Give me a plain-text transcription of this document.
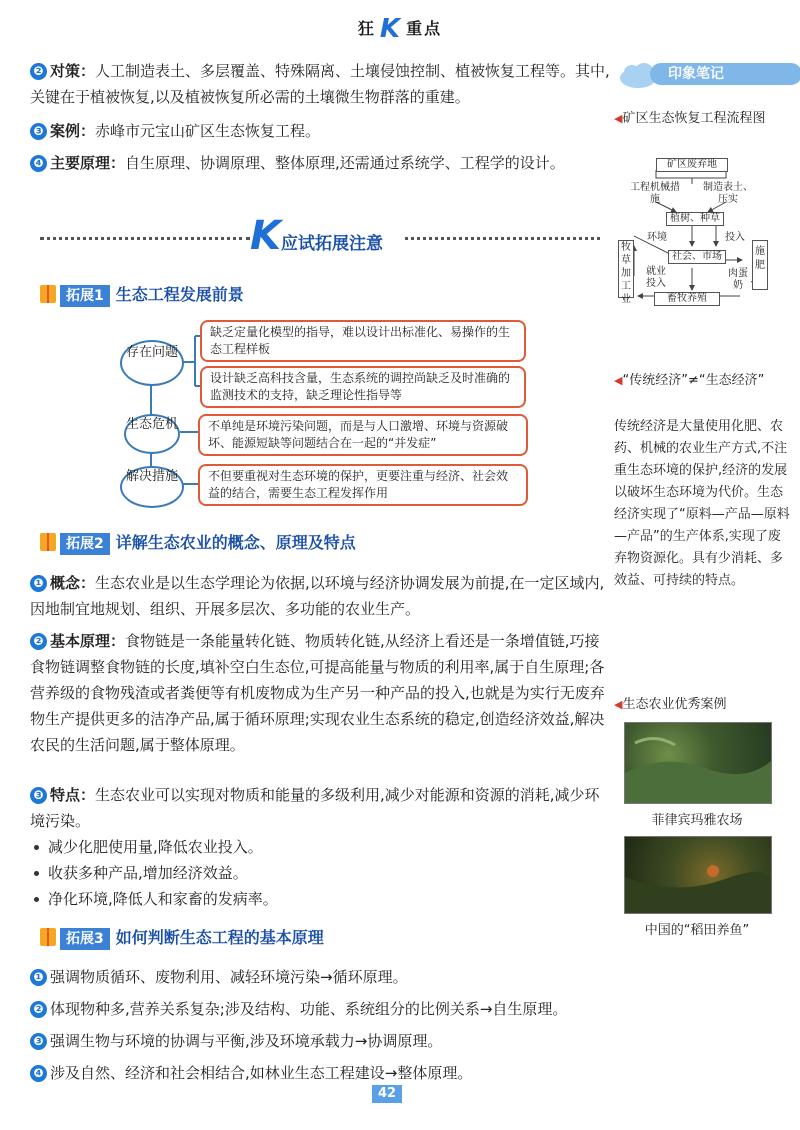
狂 K 重点
❷ 对策：人工制造表土、多层覆盖、特殊隔离、土壤侵蚀控制、植被恢复工程等。其中,关键在于植被恢复,以及植被恢复所必需的土壤微生物群落的重建。
❸ 案例：赤峰市元宝山矿区生态恢复工程。
❹ 主要原理：自生原理、协调原理、整体原理,还需通过系统学、工程学的设计。
K应试拓展注意
拓展1 生态工程发展前景
存在问题
生态危机
解决措施
缺乏定量化模型的指导，难以设计出标准化、易操作的生态工程样板
设计缺乏高科技含量，生态系统的调控尚缺乏及时准确的监测技术的支持，缺乏理论性指导等
不单纯是环境污染问题，而是与人口激增、环境与资源破坏、能源短缺等问题结合在一起的“并发症”
不但要重视对生态环境的保护，更要注重与经济、社会效益的结合，需要生态工程发挥作用
拓展2 详解生态农业的概念、原理及特点
❶ 概念：生态农业是以生态学理论为依据,以环境与经济协调发展为前提,在一定区域内,因地制宜地规划、组织、开展多层次、多功能的农业生产。
❷ 基本原理：食物链是一条能量转化链、物质转化链,从经济上看还是一条增值链,巧接食物链调整食物链的长度,填补空白生态位,可提高能量与物质的利用率,属于自生原理;各营养级的食物残渣或者粪便等有机废物成为生产另一种产品的投入,也就是为实行无废弃物生产提供更多的洁净产品,属于循环原理;实现农业生态系统的稳定,创造经济效益,解决农民的生活问题,属于整体原理。
❸ 特点：生态农业可以实现对物质和能量的多级利用,减少对能源和资源的消耗,减少环境污染。
减少化肥使用量,降低农业投入。
收获多种产品,增加经济效益。
净化环境,降低人和家畜的发病率。
拓展3 如何判断生态工程的基本原理
❶ 强调物质循环、废物利用、减轻环境污染→循环原理。
❷ 体现物种多,营养关系复杂;涉及结构、功能、系统组分的比例关系→自生原理。
❸ 强调生物与环境的协调与平衡,涉及环境承载力→协调原理。
❹ 涉及自然、经济和社会相结合,如林业生态工程建设→整体原理。
印象笔记
◀矿区生态恢复工程流程图
矿区废弃地
工程机械措施
制造表土、压实
植树、种草
环境	投入
社会、市场
牧草加工业
就业投入
肉蛋奶
施肥
畜牧养殖
◀“传统经济”≠“生态经济”
传统经济是大量使用化肥、农药、机械的农业生产方式,不注重生态环境的保护,经济的发展以破坏生态环境为代价。生态经济实现了“原料—产品—原料—产品”的生产体系,实现了废弃物资源化。具有少消耗、多效益、可持续的特点。
◀生态农业优秀案例
菲律宾玛雅农场
中国的“稻田养鱼”
42
